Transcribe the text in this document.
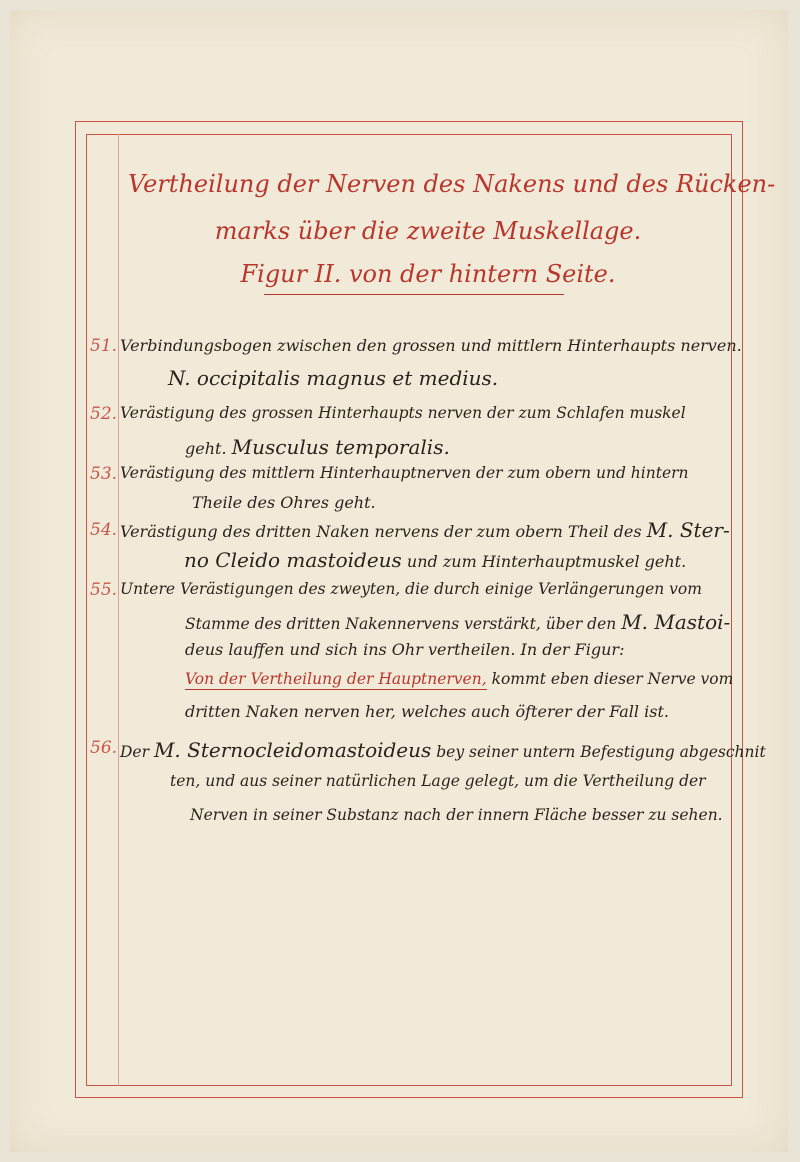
Vertheilung der Nerven des Nakens und des Rücken-
marks über die zweite Muskellage.
Figur II. von der hintern Seite.
51. Verbindungsbogen zwischen den grossen und mittlern Hinterhaupts nerven.
N. occipitalis magnus et medius.
52. Verästigung des grossen Hinterhaupts nerven der zum Schlafen muskel
geht. Musculus temporalis.
53. Verästigung des mittlern Hinterhauptnerven der zum obern und hintern
Theile des Ohres geht.
54. Verästigung des dritten Naken nervens der zum obern Theil des M. Ster-
no Cleido mastoideus und zum Hinterhauptmuskel geht.
55. Untere Verästigungen des zweyten, die durch einige Verlängerungen vom
Stamme des dritten Nakennervens verstärkt, über den M. Mastoi-
deus lauffen und sich ins Ohr vertheilen. In der Figur:
Von der Vertheilung der Hauptnerven, kommt eben dieser Nerve vom
dritten Naken nerven her, welches auch öfterer der Fall ist.
56. Der M. Sternocleidomastoideus bey seiner untern Befestigung abgeschnit
ten, und aus seiner natürlichen Lage gelegt, um die Vertheilung der
Nerven in seiner Substanz nach der innern Fläche besser zu sehen.
